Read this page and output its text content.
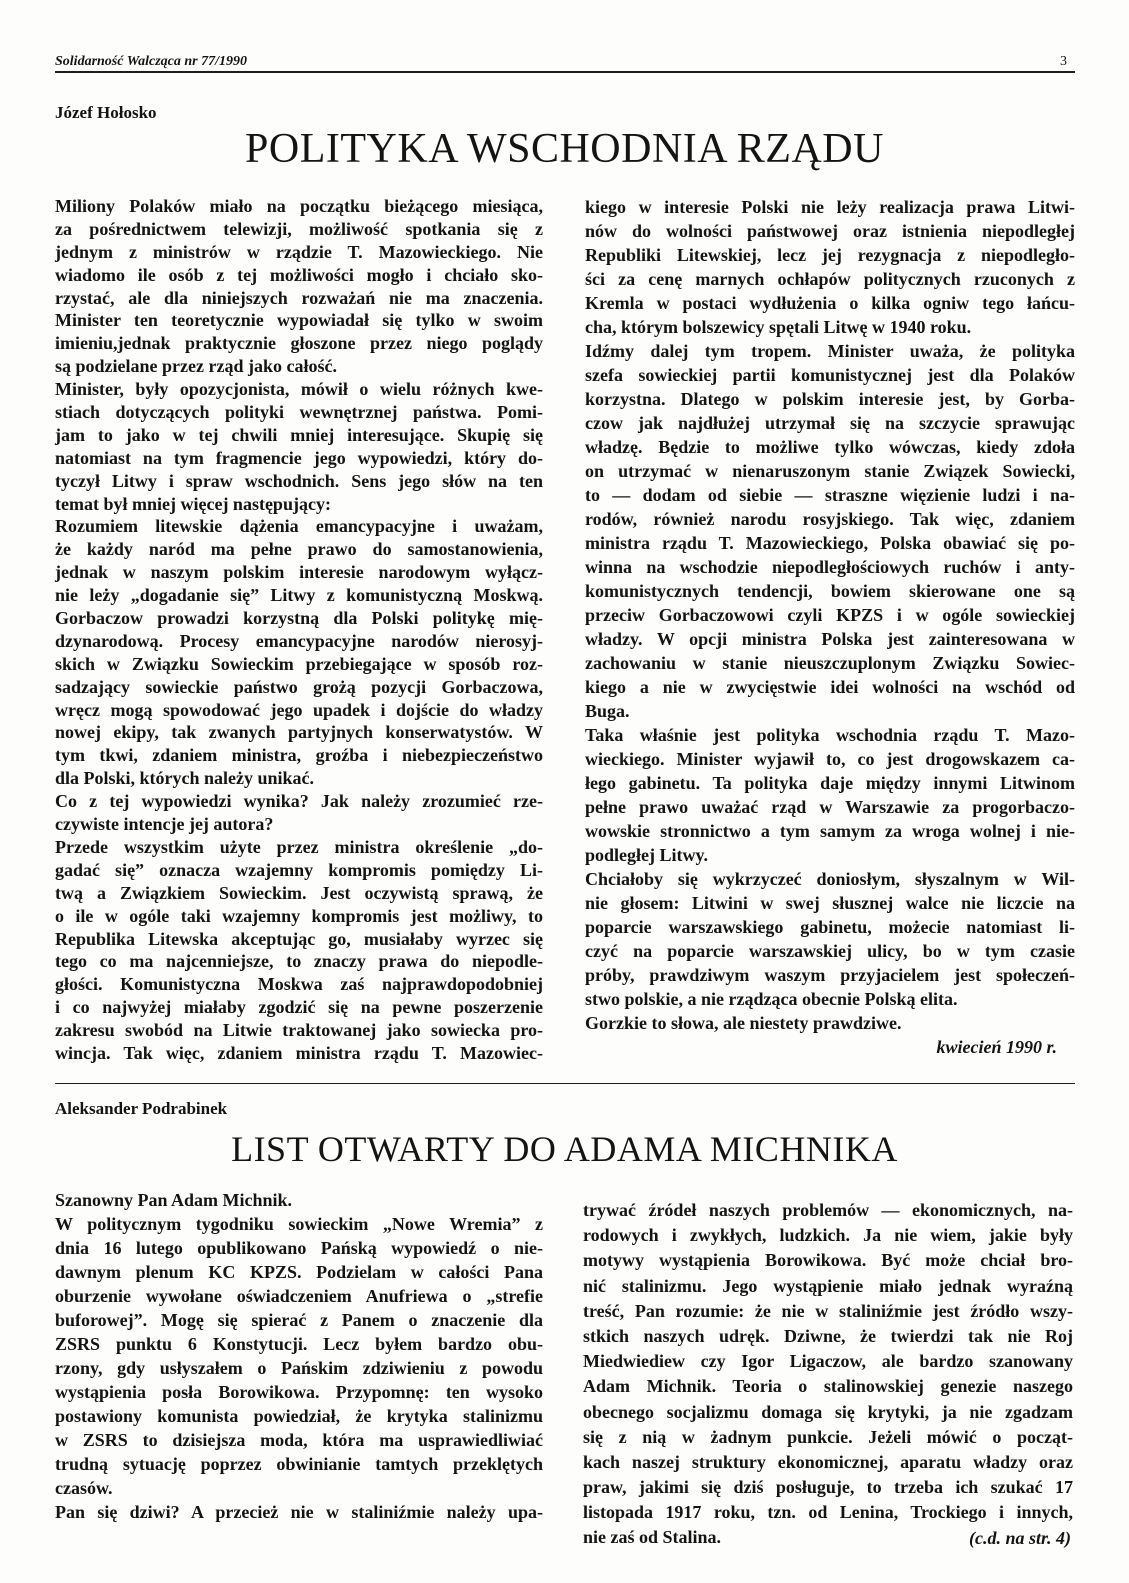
Solidarność Walcząca nr 77/1990	3
Józef Hołosko
POLITYKA WSCHODNIA RZĄDU
Miliony Polaków miało na początku bieżącego miesiąca,
za pośrednictwem telewizji, możliwość spotkania się z
jednym z ministrów w rządzie T. Mazowieckiego. Nie
wiadomo ile osób z tej możliwości mogło i chciało sko-
rzystać, ale dla niniejszych rozważań nie ma znaczenia.
Minister ten teoretycznie wypowiadał się tylko w swoim
imieniu,jednak praktycznie głoszone przez niego poglądy
są podzielane przez rząd jako całość.
Minister, były opozycjonista, mówił o wielu różnych kwe-
stiach dotyczących polityki wewnętrznej państwa. Pomi-
jam to jako w tej chwili mniej interesujące. Skupię się
natomiast na tym fragmencie jego wypowiedzi, który do-
tyczył Litwy i spraw wschodnich. Sens jego słów na ten
temat był mniej więcej następujący:
Rozumiem litewskie dążenia emancypacyjne i uważam,
że każdy naród ma pełne prawo do samostanowienia,
jednak w naszym polskim interesie narodowym wyłącz-
nie leży „dogadanie się” Litwy z komunistyczną Moskwą.
Gorbaczow prowadzi korzystną dla Polski politykę mię-
dzynarodową. Procesy emancypacyjne narodów nierosyj-
skich w Związku Sowieckim przebiegające w sposób roz-
sadzający sowieckie państwo grożą pozycji Gorbaczowa,
wręcz mogą spowodować jego upadek i dojście do władzy
nowej ekipy, tak zwanych partyjnych konserwatystów. W
tym tkwi, zdaniem ministra, groźba i niebezpieczeństwo
dla Polski, których należy unikać.
Co z tej wypowiedzi wynika? Jak należy zrozumieć rze-
czywiste intencje jej autora?
Przede wszystkim użyte przez ministra określenie „do-
gadać się” oznacza wzajemny kompromis pomiędzy Li-
twą a Związkiem Sowieckim. Jest oczywistą sprawą, że
o ile w ogóle taki wzajemny kompromis jest możliwy, to
Republika Litewska akceptując go, musiałaby wyrzec się
tego co ma najcenniejsze, to znaczy prawa do niepodle-
głości. Komunistyczna Moskwa zaś najprawdopodobniej
i co najwyżej miałaby zgodzić się na pewne poszerzenie
zakresu swobód na Litwie traktowanej jako sowiecka pro-
wincja. Tak więc, zdaniem ministra rządu T. Mazowiec-
kiego w interesie Polski nie leży realizacja prawa Litwi-
nów do wolności państwowej oraz istnienia niepodległej
Republiki Litewskiej, lecz jej rezygnacja z niepodległo-
ści za cenę marnych ochłapów politycznych rzuconych z
Kremla w postaci wydłużenia o kilka ogniw tego łańcu-
cha, którym bolszewicy spętali Litwę w 1940 roku.
Idźmy dalej tym tropem. Minister uważa, że polityka
szefa sowieckiej partii komunistycznej jest dla Polaków
korzystna. Dlatego w polskim interesie jest, by Gorba-
czow jak najdłużej utrzymał się na szczycie sprawując
władzę. Będzie to możliwe tylko wówczas, kiedy zdoła
on utrzymać w nienaruszonym stanie Związek Sowiecki,
to — dodam od siebie — straszne więzienie ludzi i na-
rodów, również narodu rosyjskiego. Tak więc, zdaniem
ministra rządu T. Mazowieckiego, Polska obawiać się po-
winna na wschodzie niepodległościowych ruchów i anty-
komunistycznych tendencji, bowiem skierowane one są
przeciw Gorbaczowowi czyli KPZS i w ogóle sowieckiej
władzy. W opcji ministra Polska jest zainteresowana w
zachowaniu w stanie nieuszczuplonym Związku Sowiec-
kiego a nie w zwycięstwie idei wolności na wschód od
Buga.
Taka właśnie jest polityka wschodnia rządu T. Mazo-
wieckiego. Minister wyjawił to, co jest drogowskazem ca-
łego gabinetu. Ta polityka daje między innymi Litwinom
pełne prawo uważać rząd w Warszawie za progorbaczo-
wowskie stronnictwo a tym samym za wroga wolnej i nie-
podległej Litwy.
Chciałoby się wykrzyczeć doniosłym, słyszalnym w Wil-
nie głosem: Litwini w swej słusznej walce nie liczcie na
poparcie warszawskiego gabinetu, możecie natomiast li-
czyć na poparcie warszawskiej ulicy, bo w tym czasie
próby, prawdziwym waszym przyjacielem jest społeczeń-
stwo polskie, a nie rządząca obecnie Polską elita.
Gorzkie to słowa, ale niestety prawdziwe.
kwiecień 1990 r.
Aleksander Podrabinek
LIST OTWARTY DO ADAMA MICHNIKA
Szanowny Pan Adam Michnik.
W politycznym tygodniku sowieckim „Nowe Wremia” z
dnia 16 lutego opublikowano Pańską wypowiedź o nie-
dawnym plenum KC KPZS. Podzielam w całości Pana
oburzenie wywołane oświadczeniem Anufriewa o „strefie
buforowej”. Mogę się spierać z Panem o znaczenie dla
ZSRS punktu 6 Konstytucji. Lecz byłem bardzo obu-
rzony, gdy usłyszałem o Pańskim zdziwieniu z powodu
wystąpienia posła Borowikowa. Przypomnę: ten wysoko
postawiony komunista powiedział, że krytyka stalinizmu
w ZSRS to dzisiejsza moda, która ma usprawiedliwiać
trudną sytuację poprzez obwinianie tamtych przeklętych
czasów.
Pan się dziwi? A przecież nie w staliniźmie należy upa-
trywać źródeł naszych problemów — ekonomicznych, na-
rodowych i zwykłych, ludzkich. Ja nie wiem, jakie były
motywy wystąpienia Borowikowa. Być może chciał bro-
nić stalinizmu. Jego wystąpienie miało jednak wyraźną
treść, Pan rozumie: że nie w staliniźmie jest źródło wszy-
stkich naszych udręk. Dziwne, że twierdzi tak nie Roj
Miedwiediew czy Igor Ligaczow, ale bardzo szanowany
Adam Michnik. Teoria o stalinowskiej genezie naszego
obecnego socjalizmu domaga się krytyki, ja nie zgadzam
się z nią w żadnym punkcie. Jeżeli mówić o począt-
kach naszej struktury ekonomicznej, aparatu władzy oraz
praw, jakimi się dziś posługuje, to trzeba ich szukać 17
listopada 1917 roku, tzn. od Lenina, Trockiego i innych,
nie zaś od Stalina.	(c.d. na str. 4)
